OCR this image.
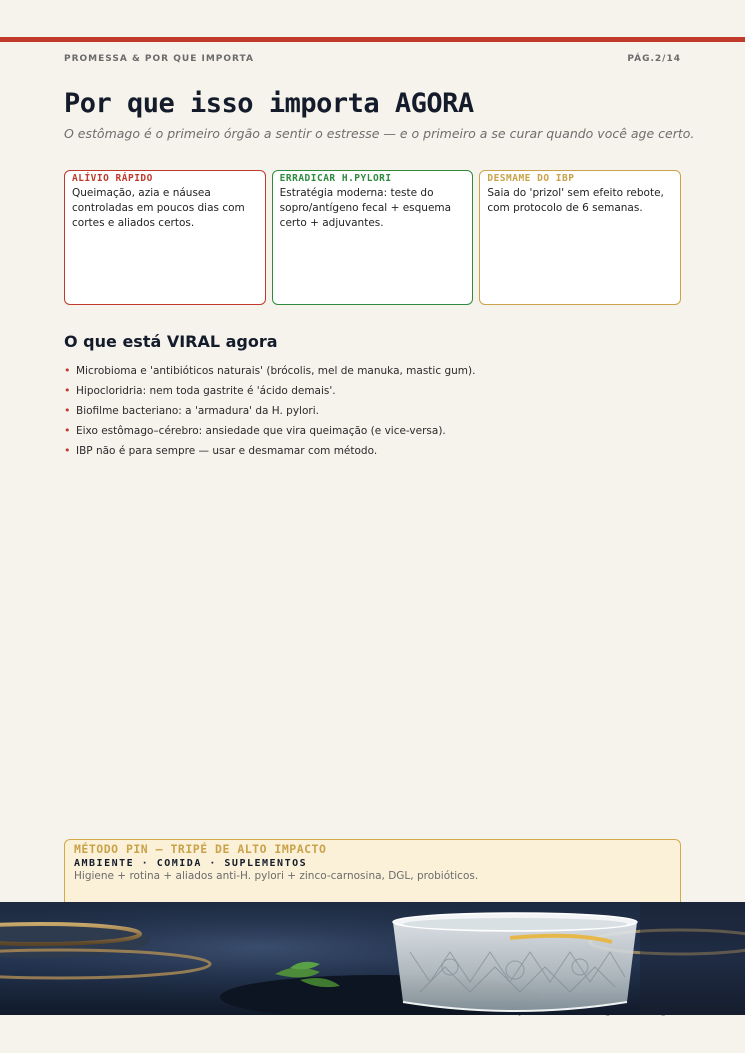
PROMESSA & POR QUE IMPORTA	PÁG.2/14
Por que isso importa AGORA

O estômago é o primeiro órgão a sentir o estresse — e o primeiro a se curar quando você age certo.

ALÍVIO RÁPIDO
Queimação, azia e náusea controladas em poucos dias com cortes e aliados certos.
ERRADICAR H.PYLORI
Estratégia moderna: teste do sopro/antígeno fecal + esquema certo + adjuvantes.
DESMAME DO IBP
Saia do 'prizol' sem efeito rebote, com protocolo de 6 semanas.
O que está VIRAL agora
• Microbioma e 'antibióticos naturais' (brócolis, mel de manuka, mastic gum).
• Hipocloridria: nem toda gastrite é 'ácido demais'.
• Biofilme bacteriano: a 'armadura' da H. pylori.
• Eixo estômago–cérebro: ansiedade que vira queimação (e vice-versa).
• IBP não é para sempre — usar e desmamar com método.
MÉTODO PIN — TRIPÉ DE ALTO IMPACTO
AMBIENTE · COMIDA · SUPLEMENTOS
Higiene + rotina + aliados anti-H. pylori + zinco-carnosina, DGL, probióticos.
